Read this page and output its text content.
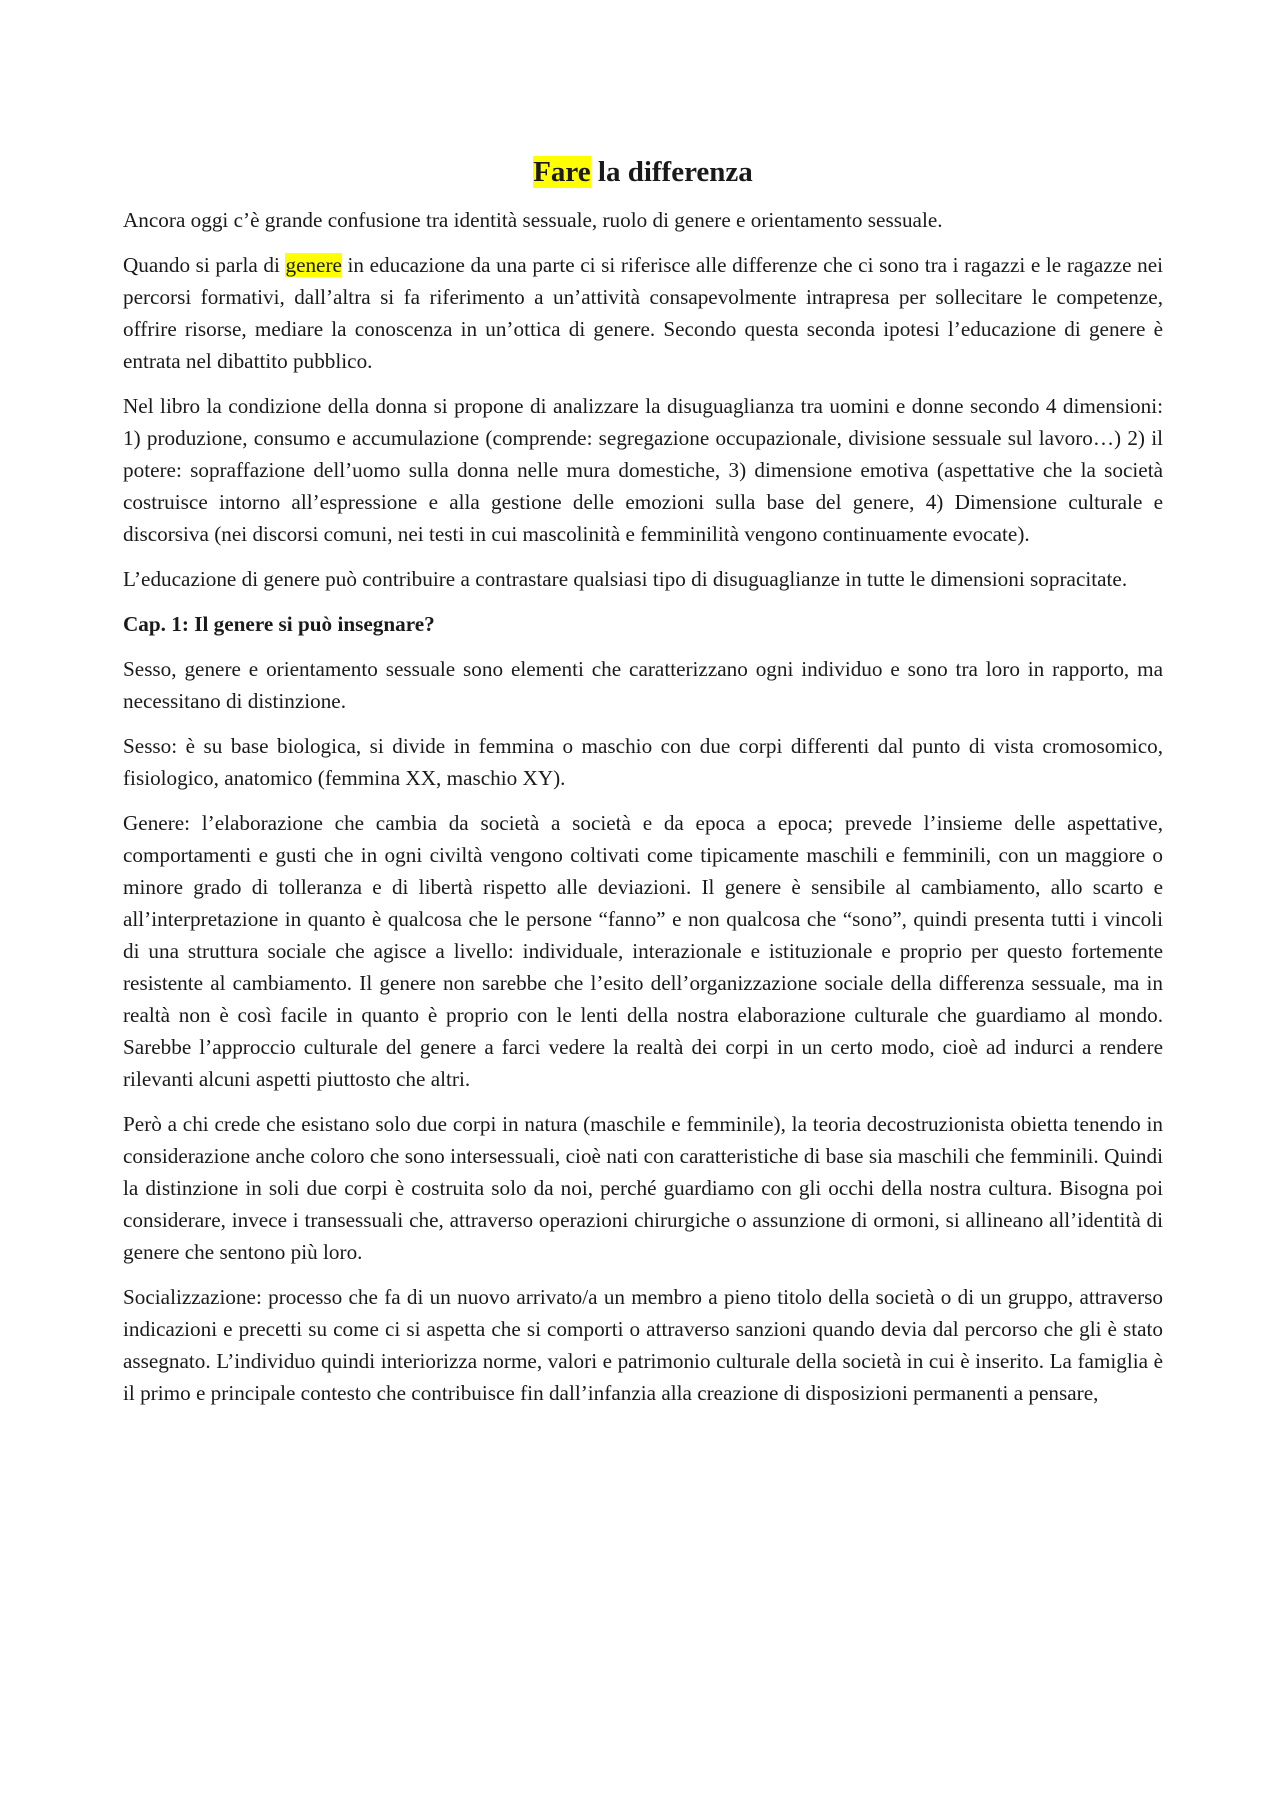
Fare la differenza

Ancora oggi c’è grande confusione tra identità sessuale, ruolo di genere e orientamento sessuale.

Quando si parla di genere in educazione da una parte ci si riferisce alle differenze che ci sono tra i ragazzi e le ragazze nei percorsi formativi, dall’altra si fa riferimento a un’attività consapevolmente intrapresa per sollecitare le competenze, offrire risorse, mediare la conoscenza in un’ottica di genere. Secondo questa seconda ipotesi l’educazione di genere è entrata nel dibattito pubblico.

Nel libro la condizione della donna si propone di analizzare la disuguaglianza tra uomini e donne secondo 4 dimensioni: 1) produzione, consumo e accumulazione (comprende: segregazione occupazionale, divisione sessuale sul lavoro…) 2) il potere: sopraffazione dell’uomo sulla donna nelle mura domestiche, 3) dimensione emotiva (aspettative che la società costruisce intorno all’espressione e alla gestione delle emozioni sulla base del genere, 4) Dimensione culturale e discorsiva (nei discorsi comuni, nei testi in cui mascolinità e femminilità vengono continuamente evocate).

L’educazione di genere può contribuire a contrastare qualsiasi tipo di disuguaglianze in tutte le dimensioni sopracitate.

Cap. 1: Il genere si può insegnare?

Sesso, genere e orientamento sessuale sono elementi che caratterizzano ogni individuo e sono tra loro in rapporto, ma necessitano di distinzione.

Sesso: è su base biologica, si divide in femmina o maschio con due corpi differenti dal punto di vista cromosomico, fisiologico, anatomico (femmina XX, maschio XY).

Genere: l’elaborazione che cambia da società a società e da epoca a epoca; prevede l’insieme delle aspettative, comportamenti e gusti che in ogni civiltà vengono coltivati come tipicamente maschili e femminili, con un maggiore o minore grado di tolleranza e di libertà rispetto alle deviazioni. Il genere è sensibile al cambiamento, allo scarto e all’interpretazione in quanto è qualcosa che le persone “fanno” e non qualcosa che “sono”, quindi presenta tutti i vincoli di una struttura sociale che agisce a livello: individuale, interazionale e istituzionale e proprio per questo fortemente resistente al cambiamento. Il genere non sarebbe che l’esito dell’organizzazione sociale della differenza sessuale, ma in realtà non è così facile in quanto è proprio con le lenti della nostra elaborazione culturale che guardiamo al mondo. Sarebbe l’approccio culturale del genere a farci vedere la realtà dei corpi in un certo modo, cioè ad indurci a rendere rilevanti alcuni aspetti piuttosto che altri.

Però a chi crede che esistano solo due corpi in natura (maschile e femminile), la teoria decostruzionista obietta tenendo in considerazione anche coloro che sono intersessuali, cioè nati con caratteristiche di base sia maschili che femminili. Quindi la distinzione in soli due corpi è costruita solo da noi, perché guardiamo con gli occhi della nostra cultura. Bisogna poi considerare, invece i transessuali che, attraverso operazioni chirurgiche o assunzione di ormoni, si allineano all’identità di genere che sentono più loro.

Socializzazione: processo che fa di un nuovo arrivato/a un membro a pieno titolo della società o di un gruppo, attraverso indicazioni e precetti su come ci si aspetta che si comporti o attraverso sanzioni quando devia dal percorso che gli è stato assegnato. L’individuo quindi interiorizza norme, valori e patrimonio culturale della società in cui è inserito. La famiglia è il primo e principale contesto che contribuisce fin dall’infanzia alla creazione di disposizioni permanenti a pensare,
